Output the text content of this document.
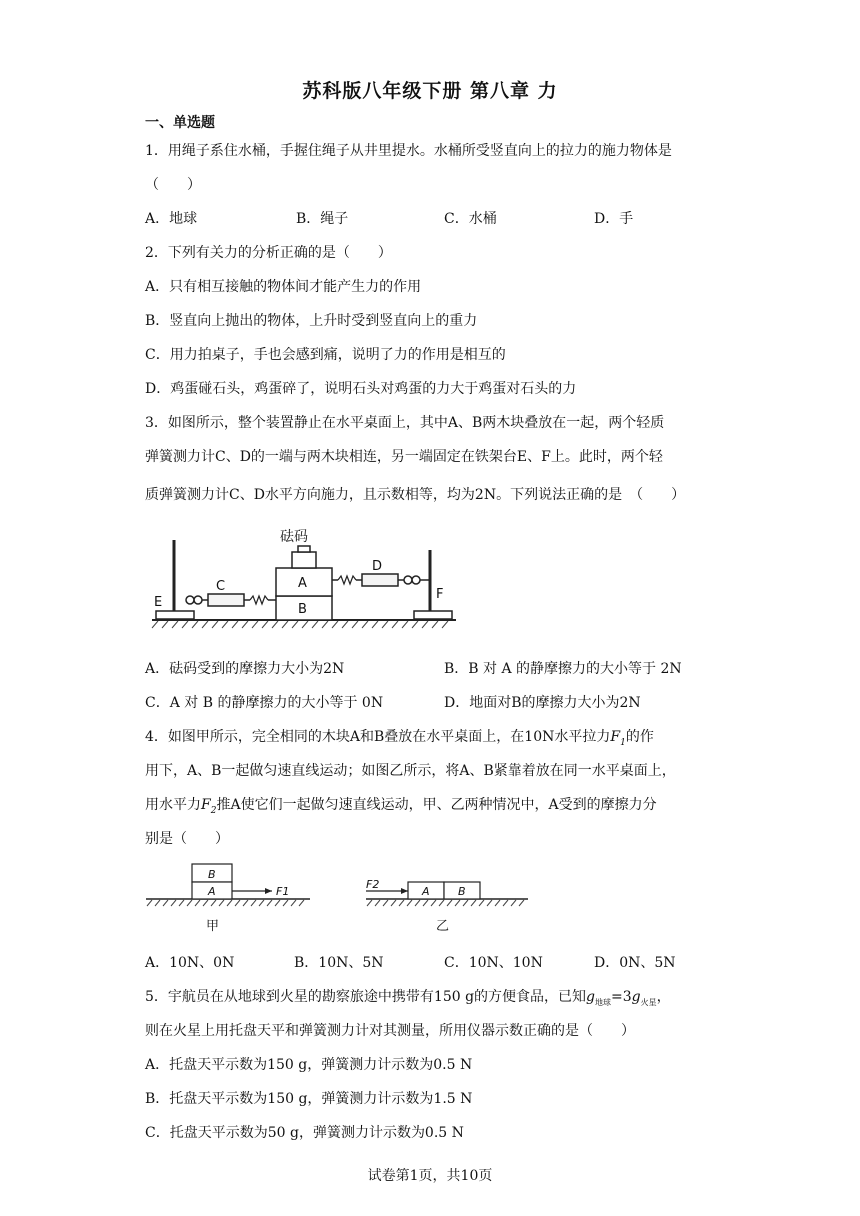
苏科版八年级下册 第八章 力
一、单选题
1．用绳子系住水桶，手握住绳子从井里提水。水桶所受竖直向上的拉力的施力物体是
（　　）
A．地球	B．绳子	C．水桶	D．手
2．下列有关力的分析正确的是（　　）
A．只有相互接触的物体间才能产生力的作用
B．竖直向上抛出的物体，上升时受到竖直向上的重力
C．用力拍桌子，手也会感到痛，说明了力的作用是相互的
D．鸡蛋碰石头，鸡蛋碎了，说明石头对鸡蛋的力大于鸡蛋对石头的力
3．如图所示，整个装置静止在水平桌面上，其中A、B两木块叠放在一起，两个轻质
弹簧测力计C、D的一端与两木块相连，另一端固定在铁架台E、F上。此时，两个轻
质弹簧测力计C、D水平方向施力，且示数相等，均为2N。下列说法正确的是　（　　）
E
F
C
B
A
砝码
D
A．砝码受到的摩擦力大小为2N	B．B 对 A 的静摩擦力的大小等于 2N
C．A 对 B 的静摩擦力的大小等于 0N	D．地面对B的摩擦力大小为2N
4．如图甲所示，完全相同的木块A和B叠放在水平桌面上，在10N水平拉力$F_1$的作
用下，A、B一起做匀速直线运动；如图乙所示，将A、B紧靠着放在同一水平桌面上，
用水平力$F_2$推A使它们一起做匀速直线运动，甲、乙两种情况中，A受到的摩擦力分
别是（　　）
B
A	F1
甲
F2
A	B
乙
A．10N、0N	B．10N、5N	C．10N、10N	D．0N、5N
5．宇航员在从地球到火星的勘察旅途中携带有150 g的方便食品，已知$g_{地球}=3g_{火星}$，
则在火星上用托盘天平和弹簧测力计对其测量，所用仪器示数正确的是（　　）
A．托盘天平示数为150 g，弹簧测力计示数为0.5 N
B．托盘天平示数为150 g，弹簧测力计示数为1.5 N
C．托盘天平示数为50 g，弹簧测力计示数为0.5 N
试卷第1页，共10页
